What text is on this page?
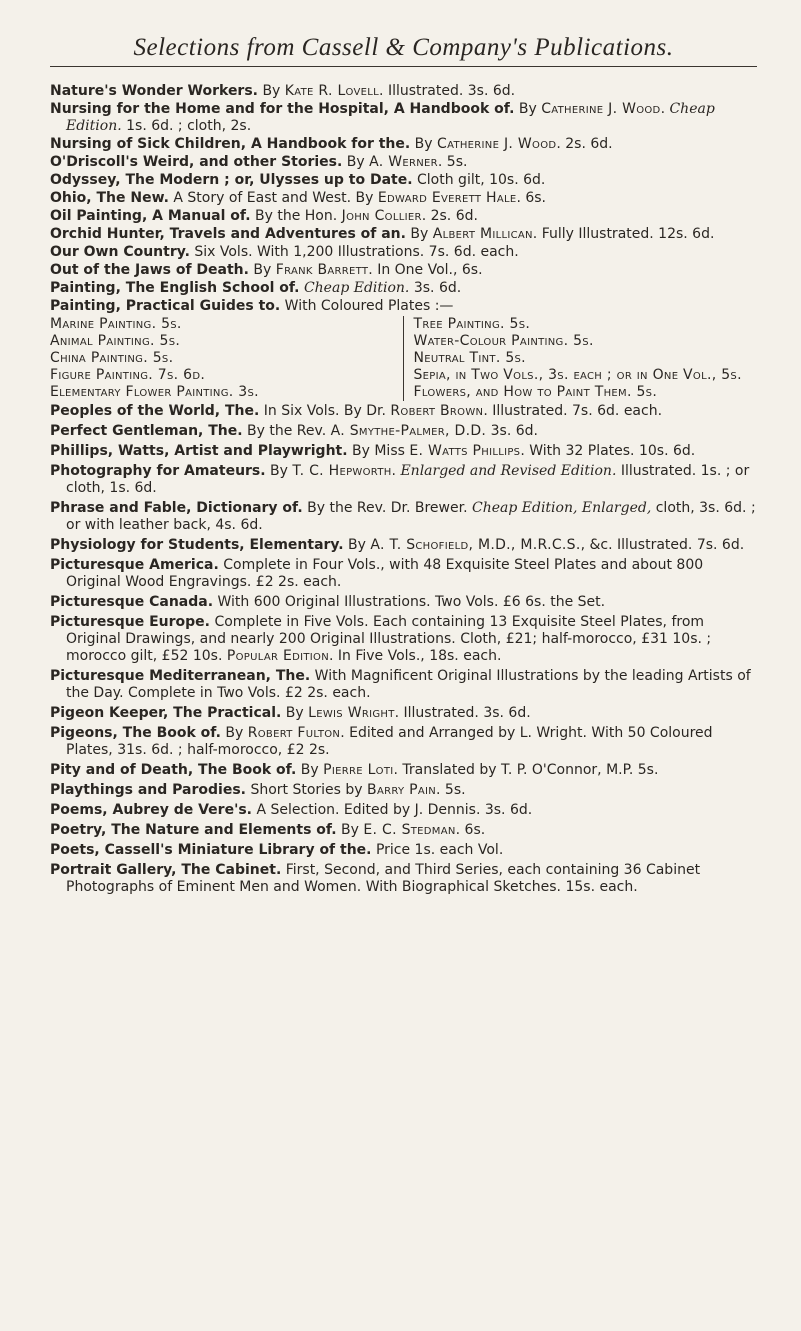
Selections from Cassell & Company's Publications.
Nature's Wonder Workers. By Kate R. Lovell. Illustrated. 3s. 6d.
Nursing for the Home and for the Hospital, A Handbook of. By Catherine J. Wood. Cheap Edition. 1s. 6d. ; cloth, 2s.
Nursing of Sick Children, A Handbook for the. By Catherine J. Wood. 2s. 6d.
O'Driscoll's Weird, and other Stories. By A. Werner. 5s.
Odyssey, The Modern ; or, Ulysses up to Date. Cloth gilt, 10s. 6d.
Ohio, The New. A Story of East and West. By Edward Everett Hale. 6s.
Oil Painting, A Manual of. By the Hon. John Collier. 2s. 6d.
Orchid Hunter, Travels and Adventures of an. By Albert Millican. Fully Illustrated. 12s. 6d.
Our Own Country. Six Vols. With 1,200 Illustrations. 7s. 6d. each.
Out of the Jaws of Death. By Frank Barrett. In One Vol., 6s.
Painting, The English School of. Cheap Edition. 3s. 6d.
Painting, Practical Guides to. With Coloured Plates :—
Marine Painting. 5s.
Animal Painting. 5s.
China Painting. 5s.
Figure Painting. 7s. 6d.
Elementary Flower Painting. 3s.
Tree Painting. 5s.
Water-Colour Painting. 5s.
Neutral Tint. 5s.
Sepia, in Two Vols., 3s. each ; or in One Vol., 5s.
Flowers, and How to Paint Them. 5s.
Peoples of the World, The. In Six Vols. By Dr. Robert Brown. Illustrated. 7s. 6d. each.
Perfect Gentleman, The. By the Rev. A. Smythe-Palmer, D.D. 3s. 6d.
Phillips, Watts, Artist and Playwright. By Miss E. Watts Phillips. With 32 Plates. 10s. 6d.
Photography for Amateurs. By T. C. Hepworth. Enlarged and Revised Edition. Illustrated. 1s. ; or cloth, 1s. 6d.
Phrase and Fable, Dictionary of. By the Rev. Dr. Brewer. Cheap Edition, Enlarged, cloth, 3s. 6d. ; or with leather back, 4s. 6d.
Physiology for Students, Elementary. By A. T. Schofield, M.D., M.R.C.S., &c. Illustrated. 7s. 6d.
Picturesque America. Complete in Four Vols., with 48 Exquisite Steel Plates and about 800 Original Wood Engravings. £2 2s. each.
Picturesque Canada. With 600 Original Illustrations. Two Vols. £6 6s. the Set.
Picturesque Europe. Complete in Five Vols. Each containing 13 Exquisite Steel Plates, from Original Drawings, and nearly 200 Original Illustrations. Cloth, £21; half-morocco, £31 10s. ; morocco gilt, £52 10s. Popular Edition. In Five Vols., 18s. each.
Picturesque Mediterranean, The. With Magnificent Original Illustrations by the leading Artists of the Day. Complete in Two Vols. £2 2s. each.
Pigeon Keeper, The Practical. By Lewis Wright. Illustrated. 3s. 6d.
Pigeons, The Book of. By Robert Fulton. Edited and Arranged by L. Wright. With 50 Coloured Plates, 31s. 6d. ; half-morocco, £2 2s.
Pity and of Death, The Book of. By Pierre Loti. Translated by T. P. O'Connor, M.P. 5s.
Playthings and Parodies. Short Stories by Barry Pain. 5s.
Poems, Aubrey de Vere's. A Selection. Edited by J. Dennis. 3s. 6d.
Poetry, The Nature and Elements of. By E. C. Stedman. 6s.
Poets, Cassell's Miniature Library of the. Price 1s. each Vol.
Portrait Gallery, The Cabinet. First, Second, and Third Series, each containing 36 Cabinet Photographs of Eminent Men and Women. With Biographical Sketches. 15s. each.
